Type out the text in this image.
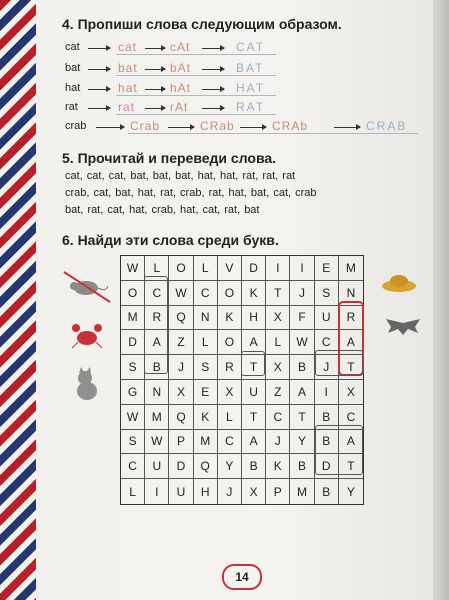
4. Пропиши слова следующим образом.
cat	cat	cAt	CAT
bat	bat	bAt	BAT
hat	hat	hAt	HAT
rat	rat	rAt	RAT
crab	Crab	CRab	CRAb	CRAB
5. Прочитай и переведи слова.
cat, cat, cat, bat, bat, bat, hat, hat, rat, rat, rat
crab, cat, bat, hat, rat, crab, rat, hat, bat, cat, crab
bat, rat, cat, hat, crab, hat, cat, rat, bat
6. Найди эти слова среди букв.
W	L	O	L	V	D	I	I	E	M
O	C	W	C	O	K	T	J	S	N
M	R	Q	N	K	H	X	F	U	R
D	A	Z	L	O	A	L	W	C	A
S	B	J	S	R	T	X	B	J	T
G	N	X	E	X	U	Z	A	I	X
W	M	Q	K	L	T	C	T	B	C
S	W	P	M	C	A	J	Y	B	A
C	U	D	Q	Y	B	K	B	D	T
L	I	U	H	J	X	P	M	B	Y
14
